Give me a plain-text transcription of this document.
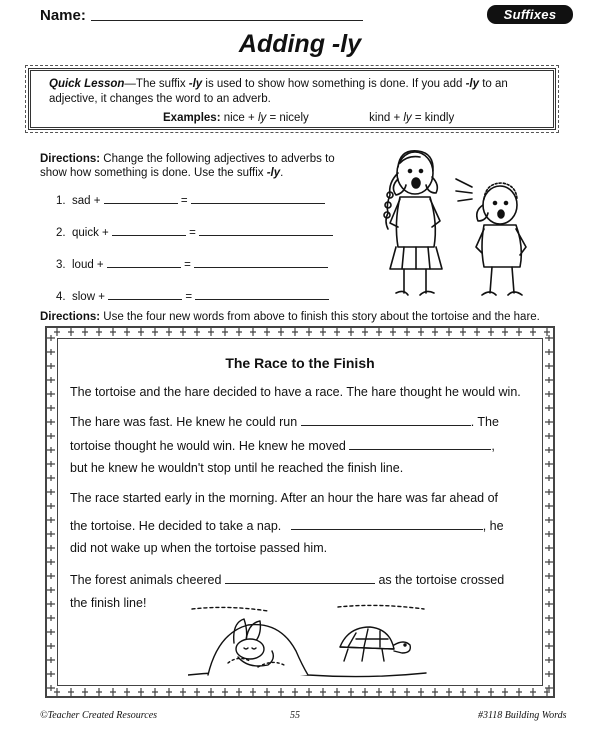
Name:	Suffixes
Adding -ly
Quick Lesson—The suffix -ly is used to show how something is done. If you add -ly to an adjective, it changes the word to an adverb.
Examples: nice + ly = nicely	kind + ly = kindly
Directions: Change the following adjectives to adverbs to show how something is done. Use the suffix -ly.
1. sad +	=
2. quick +	=
3. loud +	=
4. slow +	=
Directions: Use the four new words from above to finish this story about the tortoise and the hare.
The Race to the Finish
The tortoise and the hare decided to have a race. The hare thought he would win.
The hare was fast. He knew he could run	. The
tortoise thought he would win. He knew he moved	,
but he knew he wouldn't stop until he reached the finish line.
The race started early in the morning. After an hour the hare was far ahead of
the tortoise. He decided to take a nap.	, he
did not wake up when the tortoise passed him.
The forest animals cheered	as the tortoise crossed
the finish line!
©Teacher Created Resources	55	#3118 Building Words
